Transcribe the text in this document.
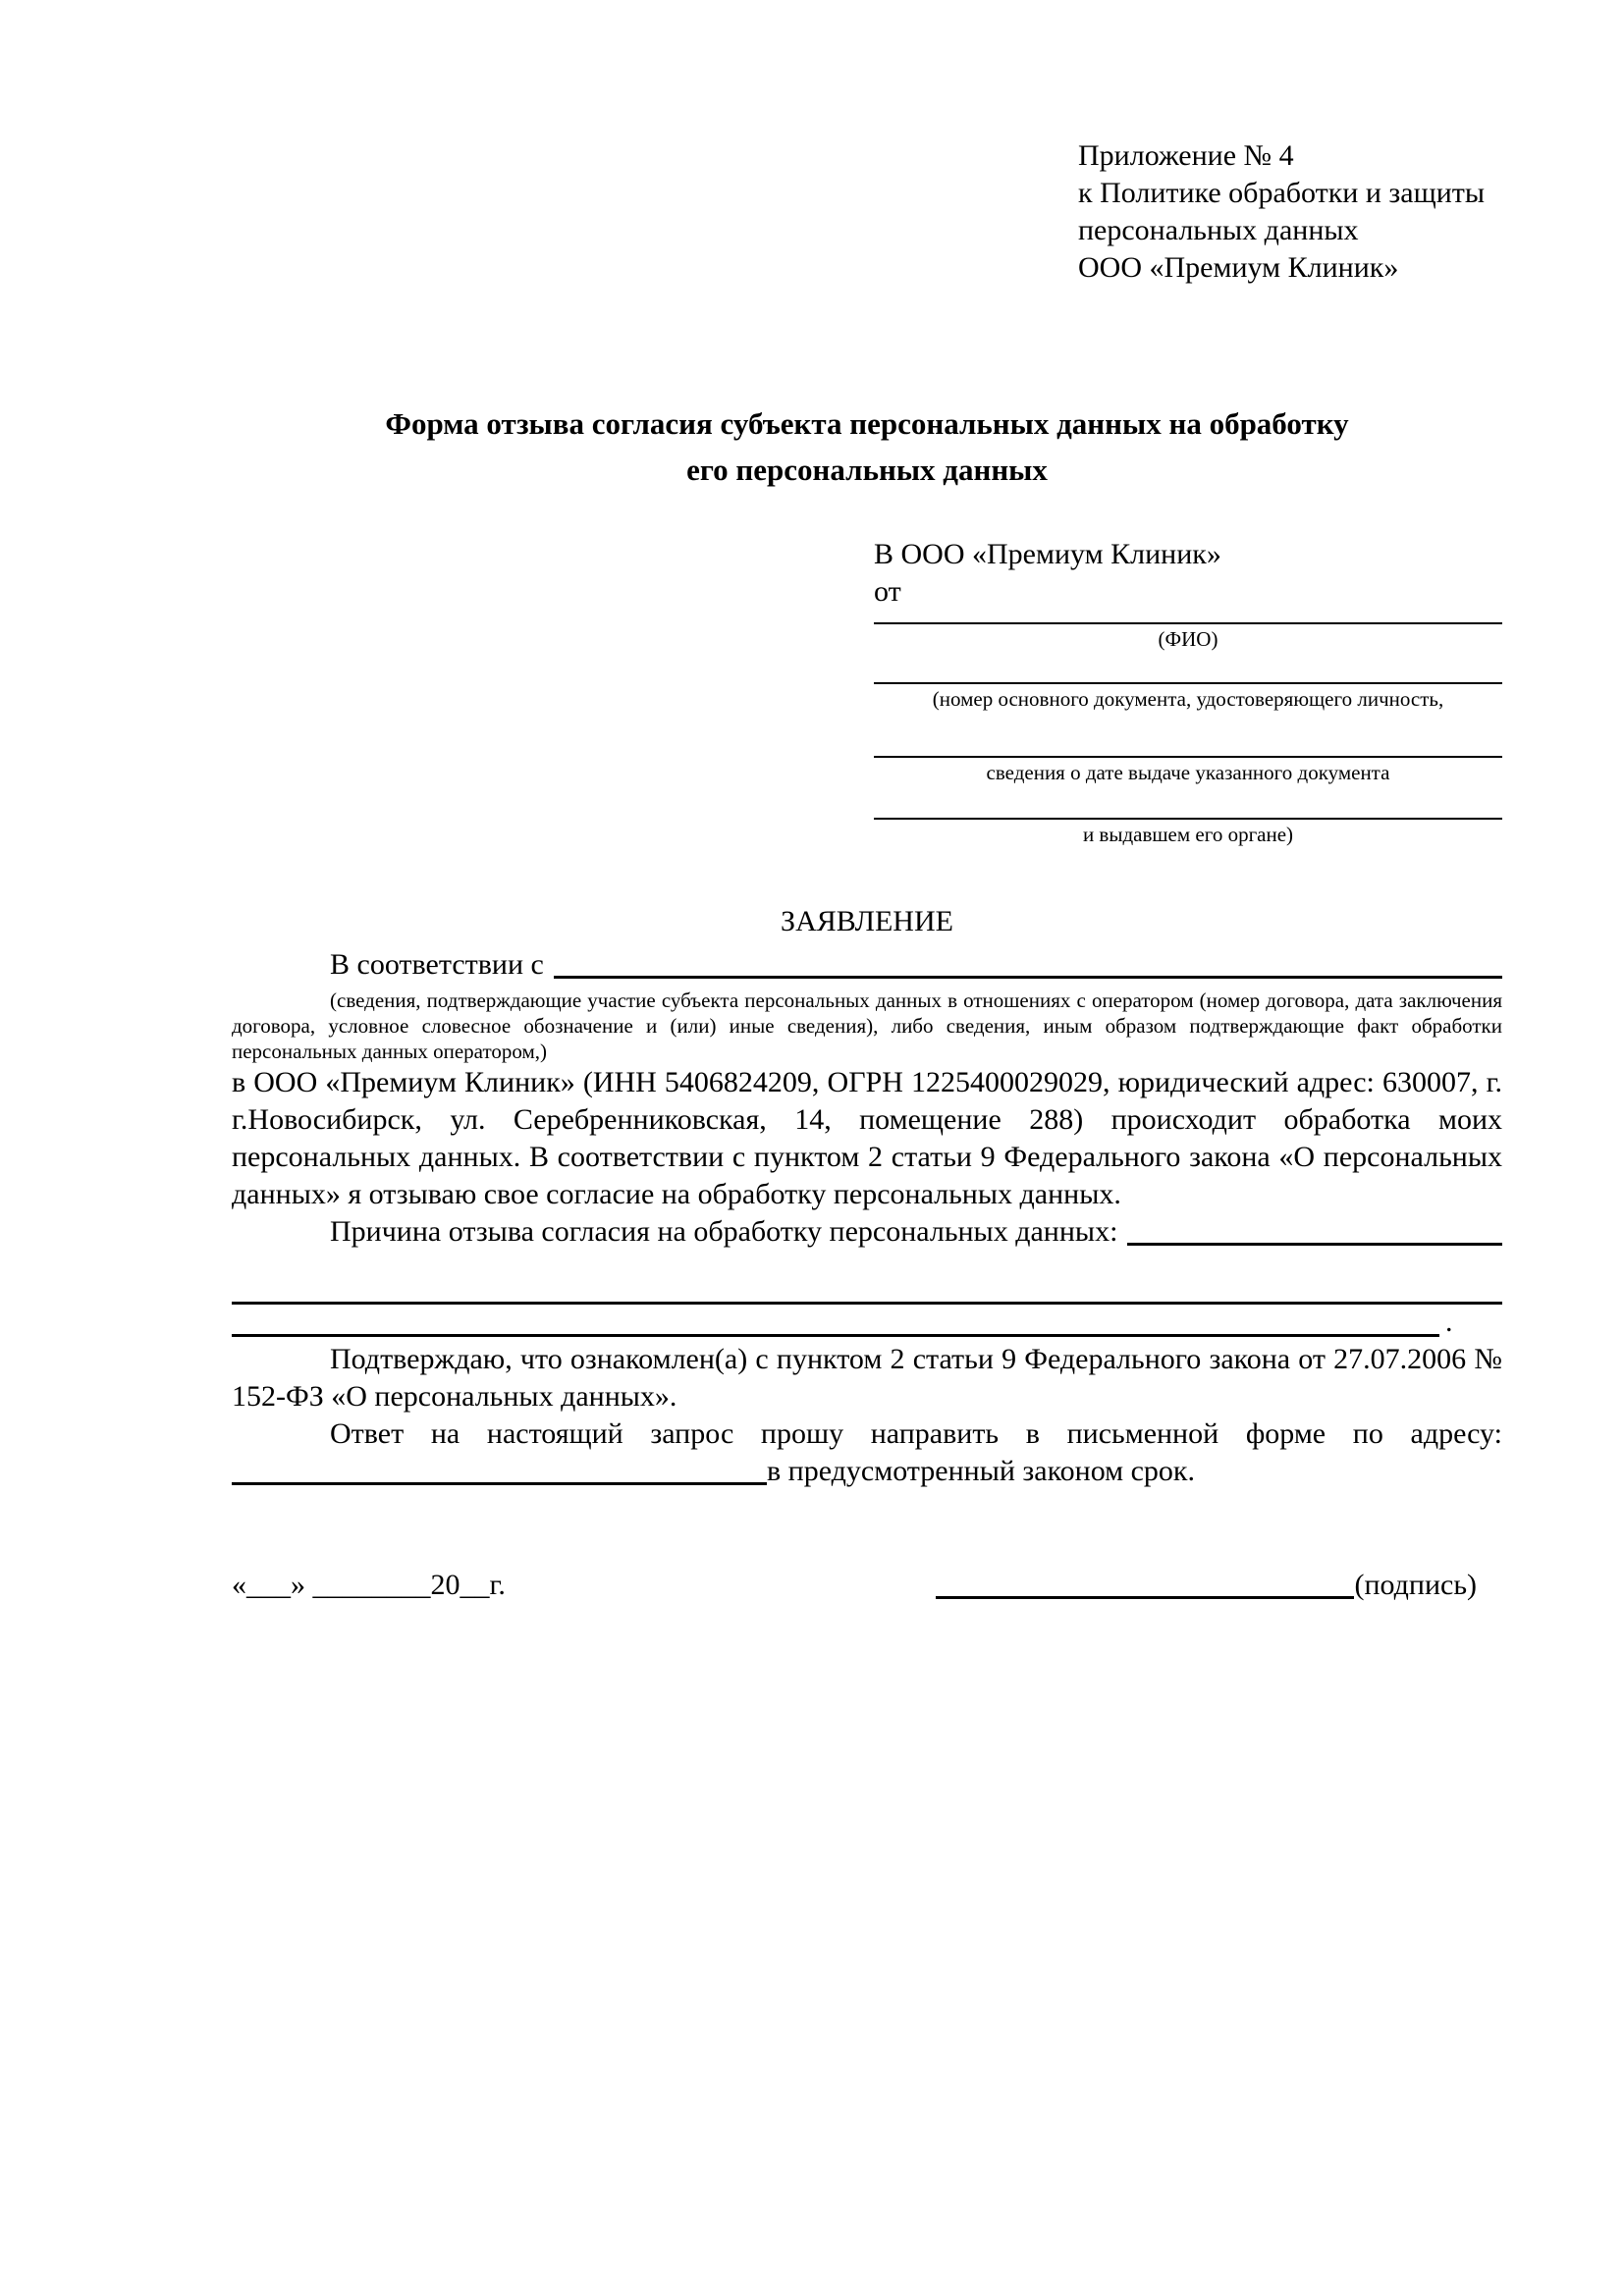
Приложение № 4
к Политике обработки и защиты
персональных данных
ООО «Премиум Клиник»
Форма отзыва согласия субъекта персональных данных на обработку
его персональных данных
В ООО «Премиум Клиник»
от
(ФИО)
(номер основного документа, удостоверяющего личность,
сведения о дате выдаче указанного документа
и выдавшем его органе)
ЗАЯВЛЕНИЕ
В соответствии с
(сведения, подтверждающие участие субъекта персональных данных в отношениях с оператором (номер договора, дата заключения договора, условное словесное обозначение и (или) иные сведения), либо сведения, иным образом подтверждающие факт обработки персональных данных оператором,)

в ООО «Премиум Клиник» (ИНН 5406824209, ОГРН 1225400029029, юридический адрес: 630007, г. г.Новосибирск, ул. Серебренниковская, 14, помещение 288) происходит обработка моих персональных данных. В соответствии с пунктом 2 статьи 9 Федерального закона «О персональных данных» я отзываю свое согласие на обработку персональных данных.

Причина отзыва согласия на обработку персональных данных:
.

Подтверждаю, что ознакомлен(а) с пунктом 2 статьи 9 Федерального закона от 27.07.2006 № 152-ФЗ «О персональных данных».

Ответ на настоящий запрос прошу направить в письменной форме по адресу:

в предусмотренный законом срок.
«___» ________20__г.	(подпись)
